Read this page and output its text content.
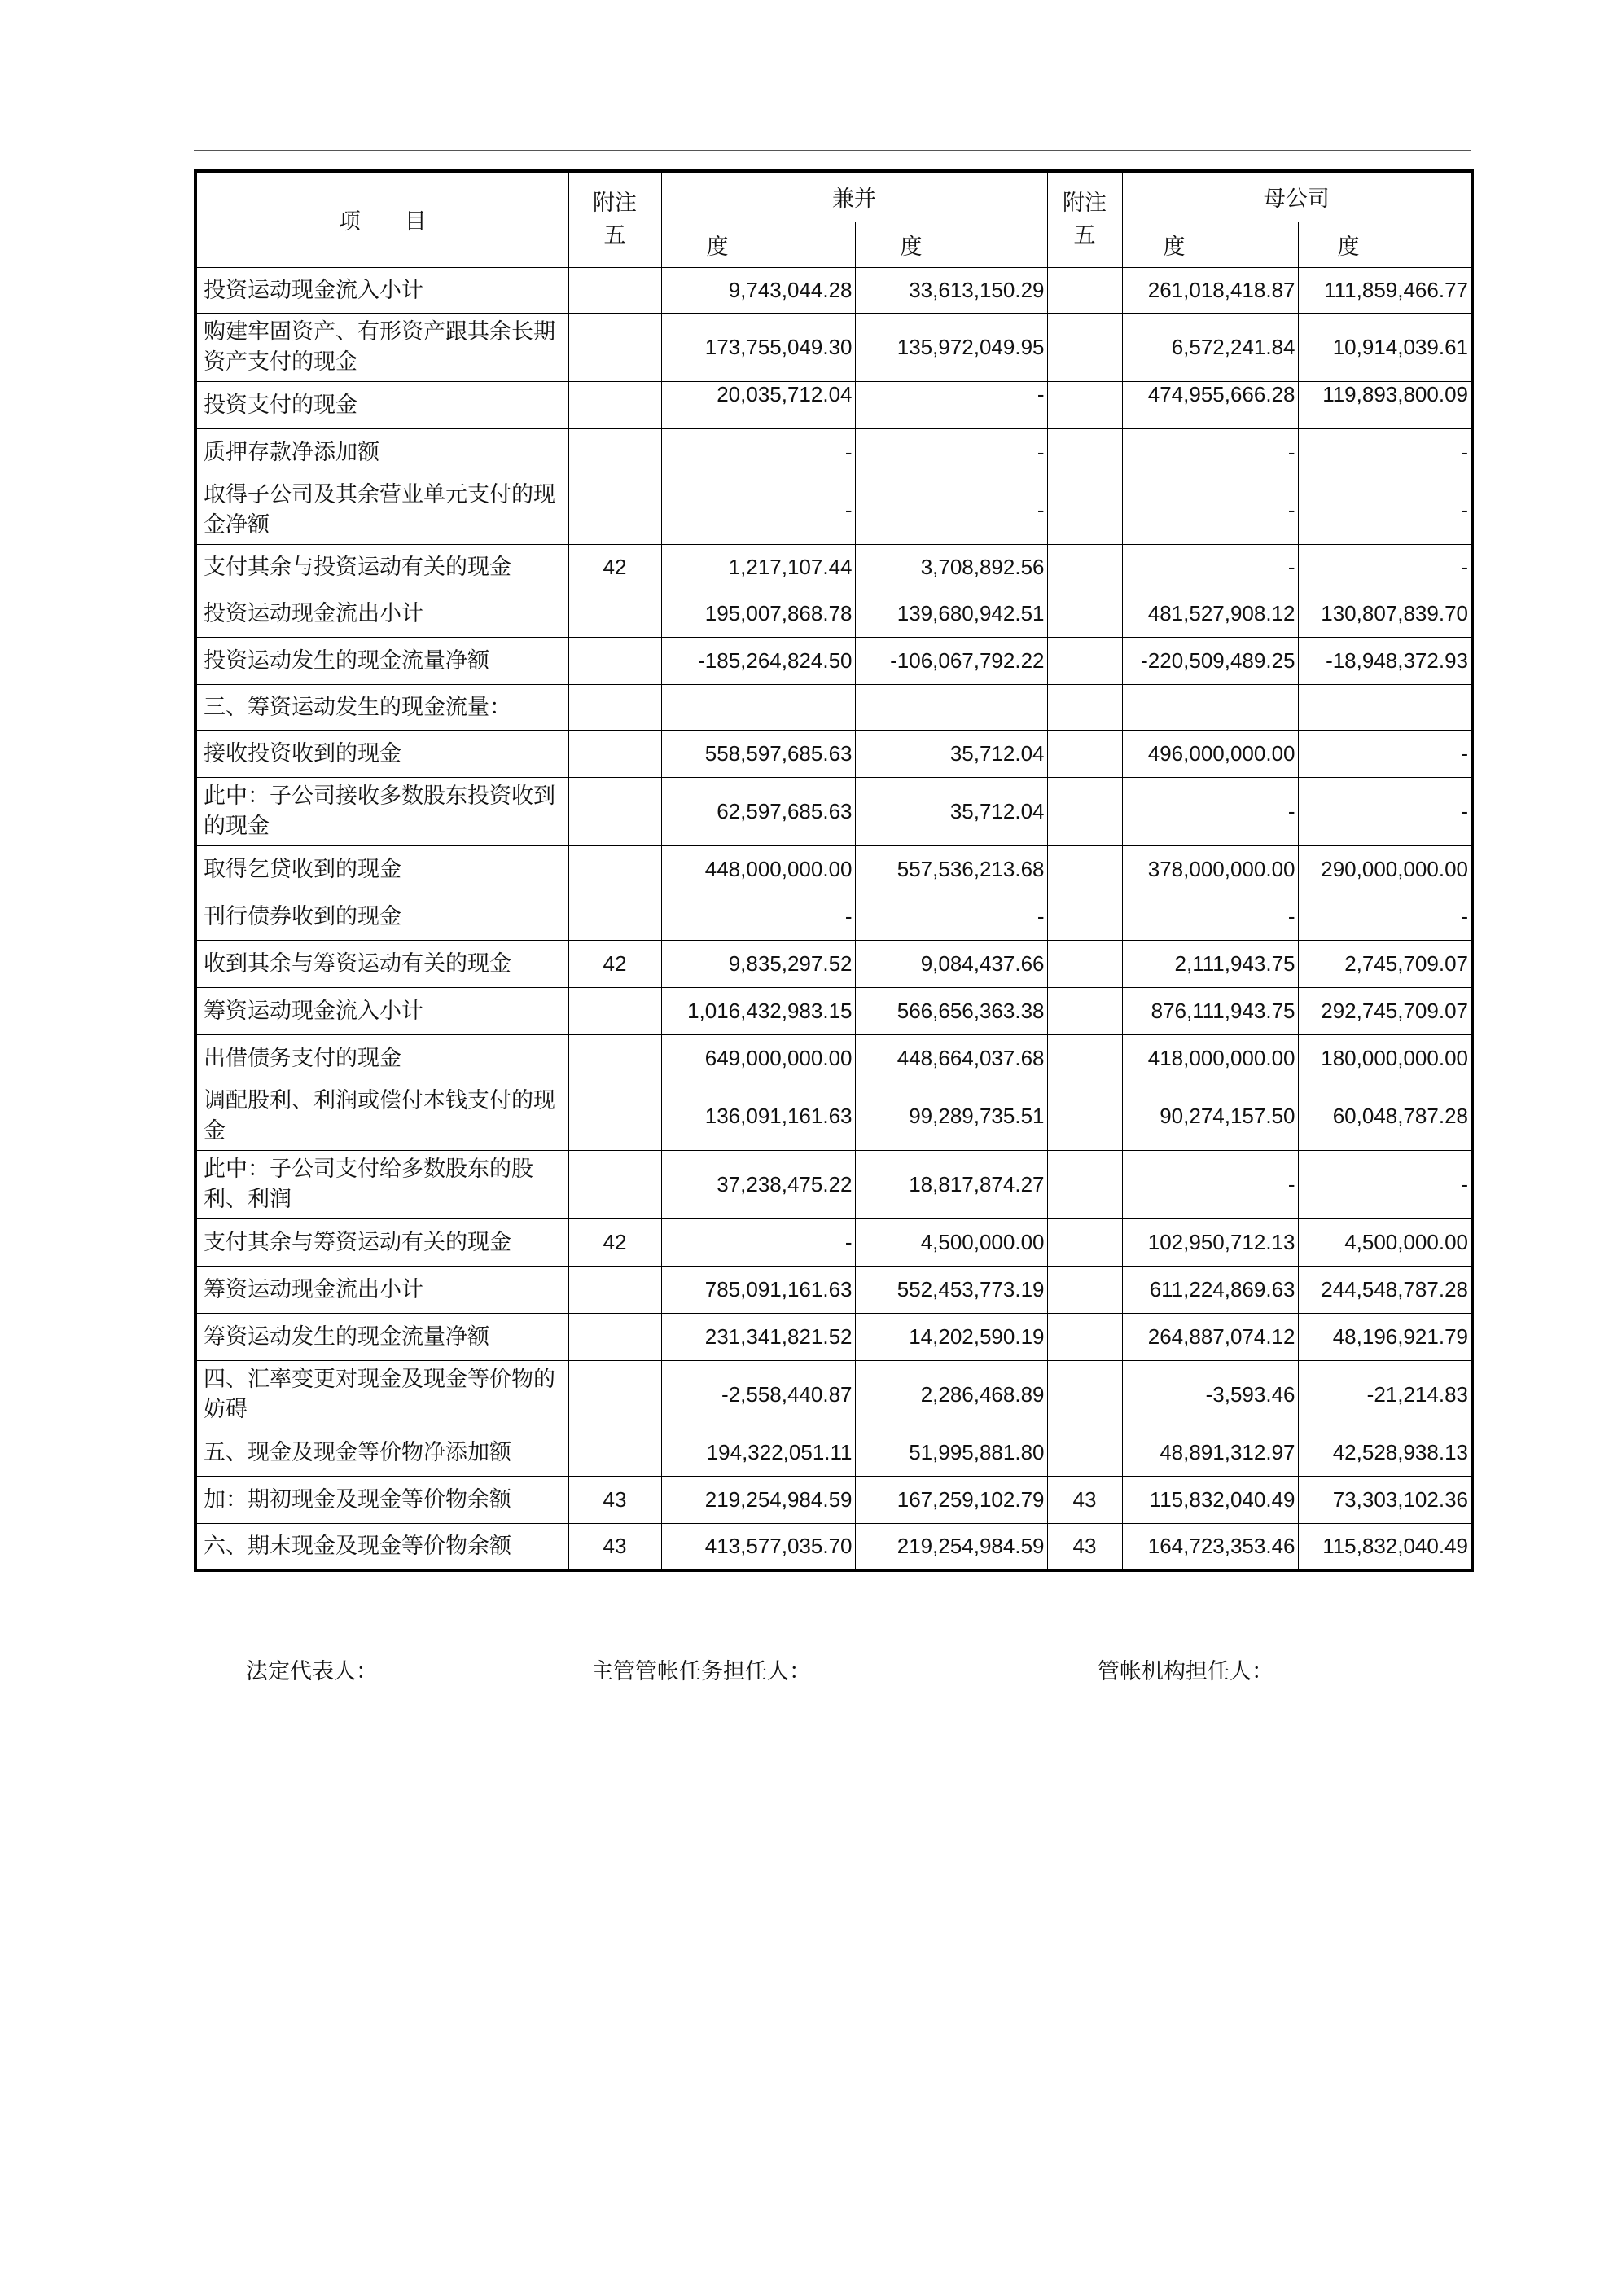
项　　目	附注五	兼并		附注五	母公司	
		度	度		度	度
投资运动现金流入小计		9,743,044.28	33,613,150.29		261,018,418.87	111,859,466.77
购建牢固资产、有形资产跟其余长期资产支付的现金		173,755,049.30	135,972,049.95		6,572,241.84	10,914,039.61
投资支付的现金		20,035,712.04	-		474,955,666.28	119,893,800.09
质押存款净添加额		-	-		-	-
取得子公司及其余营业单元支付的现金净额		-	-		-	-
支付其余与投资运动有关的现金	42	1,217,107.44	3,708,892.56		-	-
投资运动现金流出小计		195,007,868.78	139,680,942.51		481,527,908.12	130,807,839.70
投资运动发生的现金流量净额		-185,264,824.50	-106,067,792.22		-220,509,489.25	-18,948,372.93
三、筹资运动发生的现金流量：						
接收投资收到的现金		558,597,685.63	35,712.04		496,000,000.00	-
此中：子公司接收多数股东投资收到的现金		62,597,685.63	35,712.04		-	-
取得乞贷收到的现金		448,000,000.00	557,536,213.68		378,000,000.00	290,000,000.00
刊行债券收到的现金		-	-		-	-
收到其余与筹资运动有关的现金	42	9,835,297.52	9,084,437.66		2,111,943.75	2,745,709.07
筹资运动现金流入小计		1,016,432,983.15	566,656,363.38		876,111,943.75	292,745,709.07
出借债务支付的现金		649,000,000.00	448,664,037.68		418,000,000.00	180,000,000.00
调配股利、利润或偿付本钱支付的现金		136,091,161.63	99,289,735.51		90,274,157.50	60,048,787.28
此中：子公司支付给多数股东的股利、利润		37,238,475.22	18,817,874.27		-	-
支付其余与筹资运动有关的现金	42	-	4,500,000.00		102,950,712.13	4,500,000.00
筹资运动现金流出小计		785,091,161.63	552,453,773.19		611,224,869.63	244,548,787.28
筹资运动发生的现金流量净额		231,341,821.52	14,202,590.19		264,887,074.12	48,196,921.79
四、汇率变更对现金及现金等价物的妨碍		-2,558,440.87	2,286,468.89		-3,593.46	-21,214.83
五、现金及现金等价物净添加额		194,322,051.11	51,995,881.80		48,891,312.97	42,528,938.13
加：期初现金及现金等价物余额	43	219,254,984.59	167,259,102.79	43	115,832,040.49	73,303,102.36
六、期末现金及现金等价物余额	43	413,577,035.70	219,254,984.59	43	164,723,353.46	115,832,040.49
法定代表人：	主管管帐任务担任人：	管帐机构担任人：
